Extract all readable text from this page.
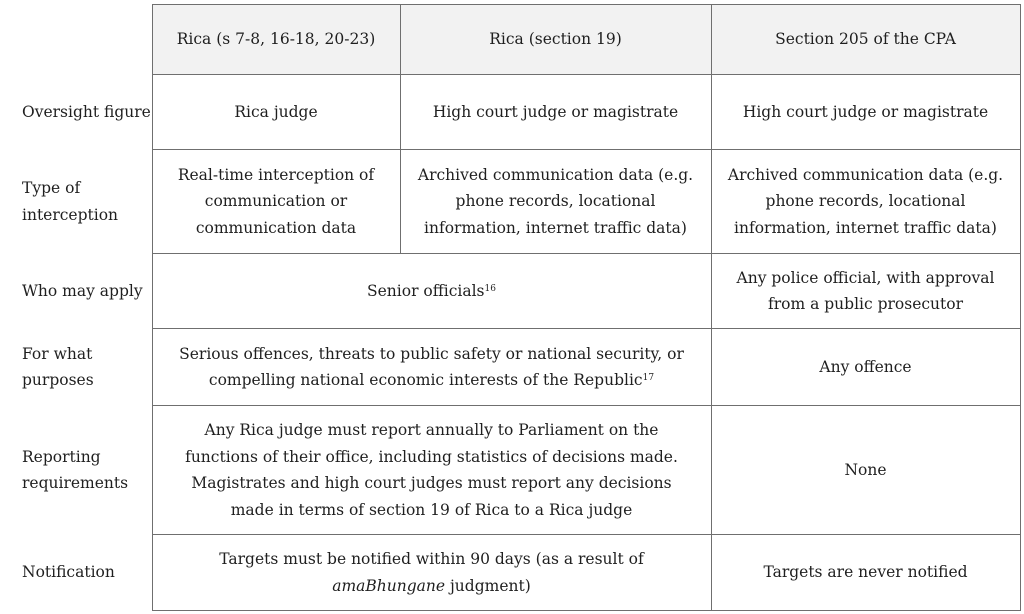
	Rica (s 7-8, 16-18, 20-23)	Rica (section 19)	Section 205 of the CPA
Oversight figure	Rica judge	High court judge or magistrate	High court judge or magistrate
Type of interception	Real-time interception of communication or communication data	Archived communication data (e.g. phone records, locational information, internet traffic data)	Archived communication data (e.g. phone records, locational information, internet traffic data)
Who may apply	Senior officials$^{16}$		Any police official, with approval from a public prosecutor
For what purposes	Serious offences, threats to public safety or national security, or compelling national economic interests of the Republic$^{17}$		Any offence
Reporting requirements	Any Rica judge must report annually to Parliament on the functions of their office, including statistics of decisions made. Magistrates and high court judges must report any decisions made in terms of section 19 of Rica to a Rica judge		None
Notification	Targets must be notified within 90 days (as a result of amaBhungane judgment)		Targets are never notified
